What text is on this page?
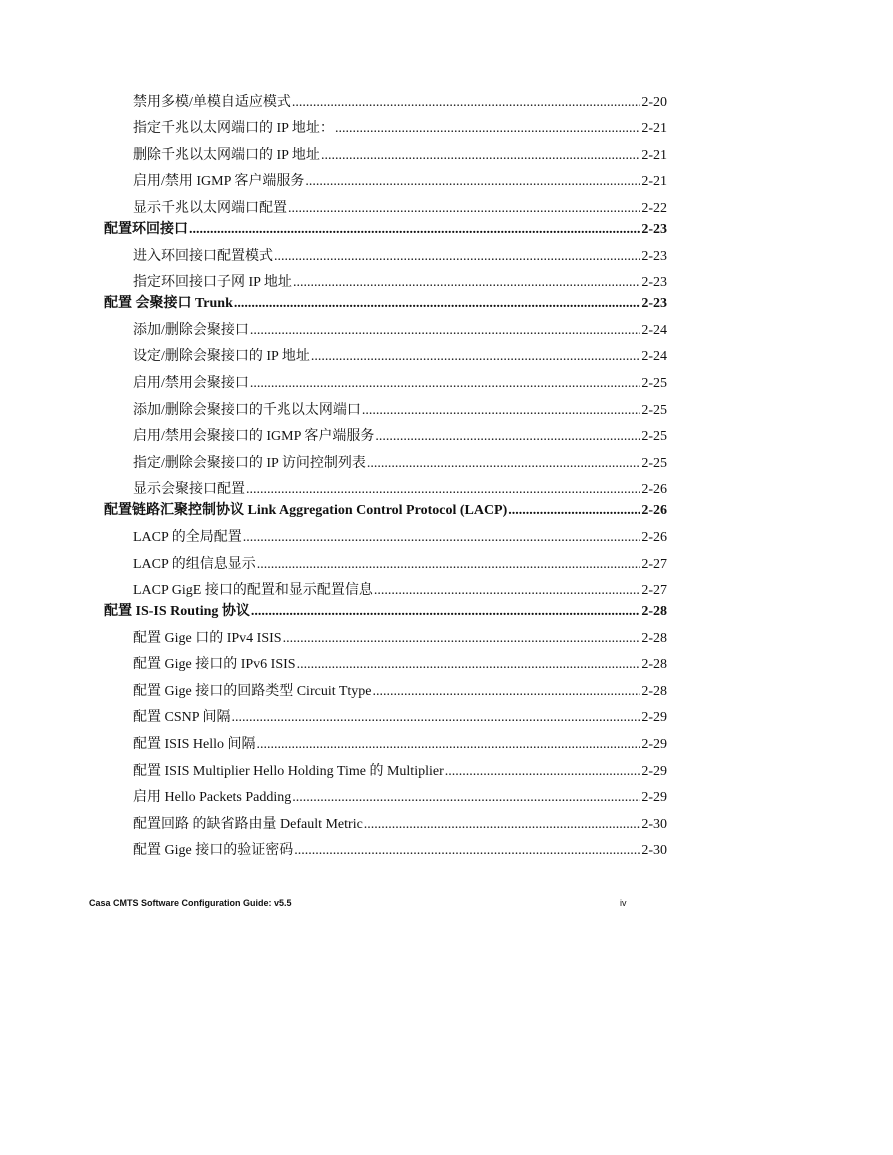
禁用多模/单模自适应模式 .....	2-20
指定千兆以太网端口的 IP 地址： .....	2-21
删除千兆以太网端口的 IP 地址 .....	2-21
启用/禁用 IGMP 客户端服务 .....	2-21
显示千兆以太网端口配置 .....	2-22
配置环回接口 .....	2-23
进入环回接口配置模式 .....	2-23
指定环回接口子网 IP 地址 .....	2-23
配置 会聚接口 Trunk .....	2-23
添加/删除会聚接口 .....	2-24
设定/删除会聚接口的 IP 地址 .....	2-24
启用/禁用会聚接口 .....	2-25
添加/删除会聚接口的千兆以太网端口 .....	2-25
启用/禁用会聚接口的 IGMP 客户端服务 .....	2-25
指定/删除会聚接口的 IP 访问控制列表 .....	2-25
显示会聚接口配置 .....	2-26
配置链路汇聚控制协议 Link Aggregation Control Protocol (LACP) .....	2-26
LACP 的全局配置 .....	2-26
LACP 的组信息显示 .....	2-27
LACP GigE 接口的配置和显示配置信息 .....	2-27
配置 IS-IS Routing 协议 .....	2-28
配置 Gige 口的 IPv4 ISIS .....	2-28
配置 Gige 接口的 IPv6 ISIS .....	2-28
配置 Gige 接口的回路类型 Circuit Ttype .....	2-28
配置 CSNP 间隔 .....	2-29
配置 ISIS Hello 间隔 .....	2-29
配置 ISIS Multiplier Hello Holding Time 的 Multiplier .....	2-29
启用 Hello Packets Padding .....	2-29
配置回路 的缺省路由量 Default Metric .....	2-30
配置 Gige 接口的验证密码 .....	2-30
Casa CMTS Software Configuration Guide: v5.5	iv
